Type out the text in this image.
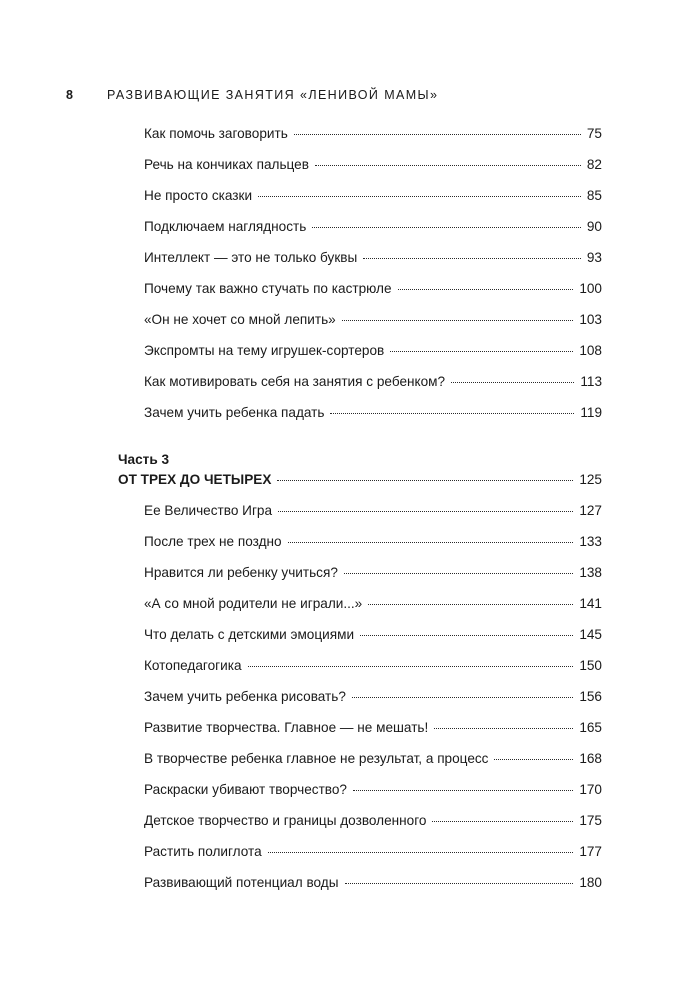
8	РАЗВИВАЮЩИЕ ЗАНЯТИЯ «ЛЕНИВОЙ МАМЫ»
Как помочь заговорить	75
Речь на кончиках пальцев	82
Не просто сказки	85
Подключаем наглядность	90
Интеллект — это не только буквы	93
Почему так важно стучать по кастрюле	100
«Он не хочет со мной лепить»	103
Экспромты на тему игрушек-сортеров	108
Как мотивировать себя на занятия с ребенком?	113
Зачем учить ребенка падать	119
Часть 3
ОТ ТРЕХ ДО ЧЕТЫРЕХ	125
Ее Величество Игра	127
После трех не поздно	133
Нравится ли ребенку учиться?	138
«А со мной родители не играли...»	141
Что делать с детскими эмоциями	145
Котопедагогика	150
Зачем учить ребенка рисовать?	156
Развитие творчества. Главное — не мешать!	165
В творчестве ребенка главное не результат, а процесс	168
Раскраски убивают творчество?	170
Детское творчество и границы дозволенного	175
Растить полиглота	177
Развивающий потенциал воды	180
